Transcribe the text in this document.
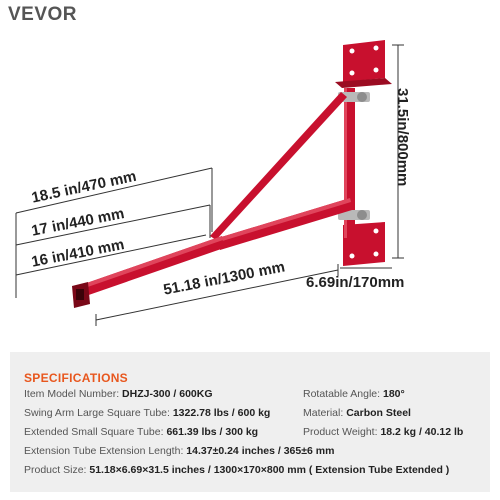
VEVOR
31.5in/800mm
18.5 in/470 mm
17 in/440 mm
16 in/410 mm
51.18 in/1300 mm 6.69in/170mm
SPECIFICATIONS
Item Model Number: DHZJ-300 / 600KG	Rotatable Angle: 180°
Swing Arm Large Square Tube: 1322.78 lbs / 600 kg	Material: Carbon Steel
Extended Small Square Tube: 661.39 lbs / 300 kg	Product Weight: 18.2 kg / 40.12 lb
Extension Tube Extension Length: 14.37±0.24 inches / 365±6 mm
Product Size: 51.18×6.69×31.5 inches / 1300×170×800 mm ( Extension Tube Extended )
